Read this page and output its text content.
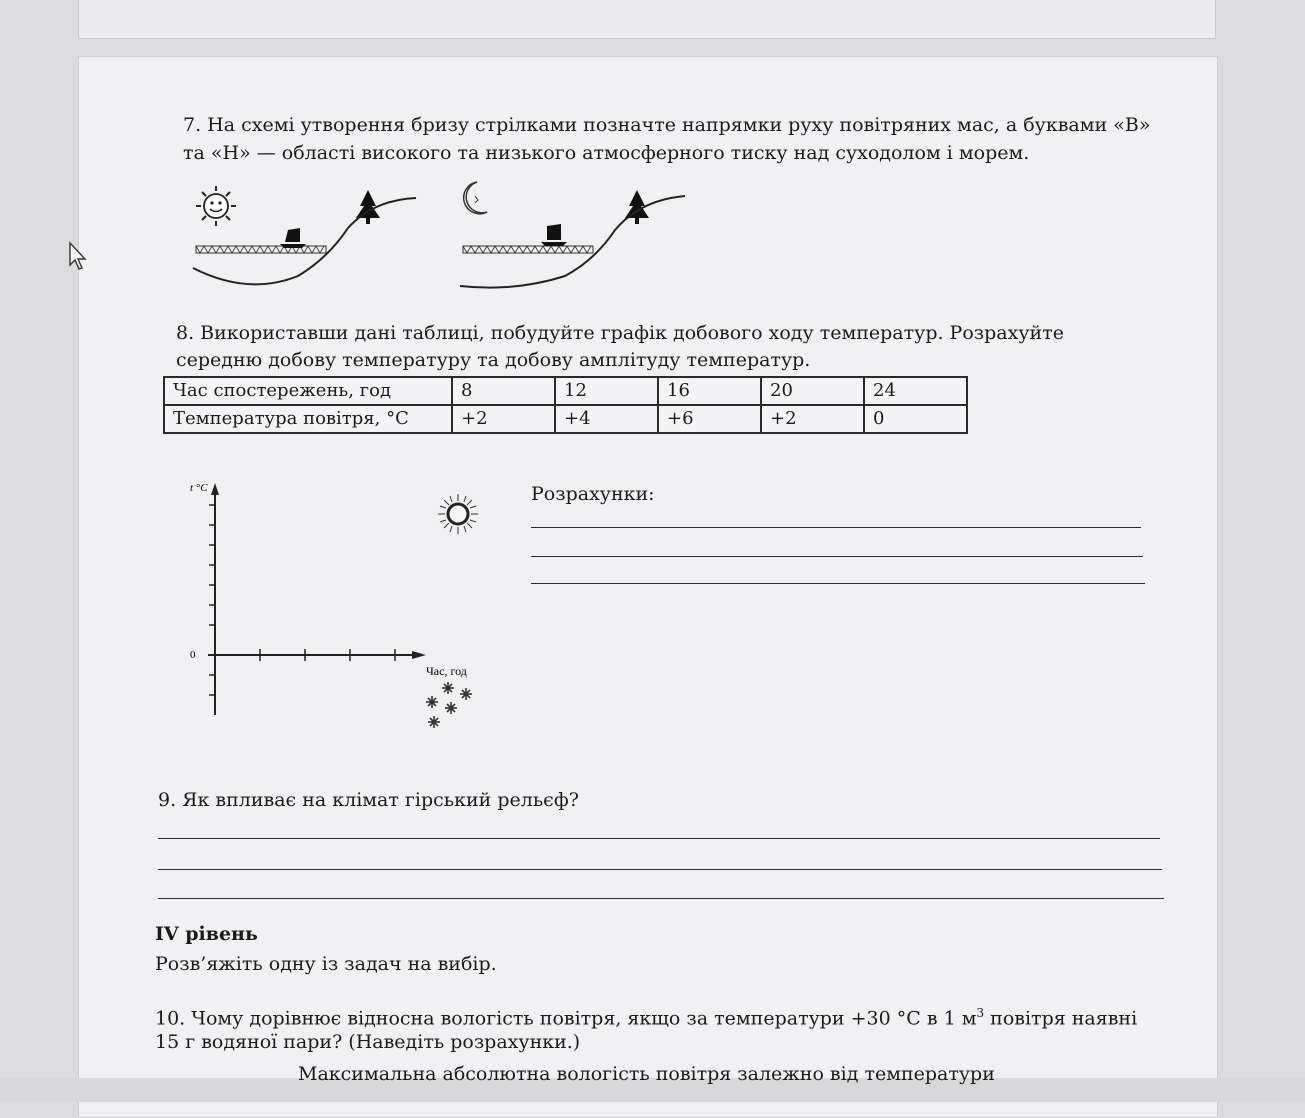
7. На схемі утворення бризу стрілками позначте напрямки руху повітряних мас, а буквами «В»
та «Н» — області високого та низького атмосферного тиску над суходолом і морем.
8. Використавши дані таблиці, побудуйте графік добового ходу температур. Розрахуйте
середню добову температуру та добову амплітуду температур.
Час спостережень, год	8	12	16	20	24
Температура повітря, °C	+2	+4	+6	+2	0
t °C
0
Час, год
Розрахунки:
9. Як впливає на клімат гірський рельєф?
IV рівень
Розв’яжіть одну із задач на вибір.
10. Чому дорівнює відносна вологість повітря, якщо за температури +30 °С в 1 $м^3$ повітря наявні
15 г водяної пари? (Наведіть розрахунки.)
Максимальна абсолютна вологість повітря залежно від температури
